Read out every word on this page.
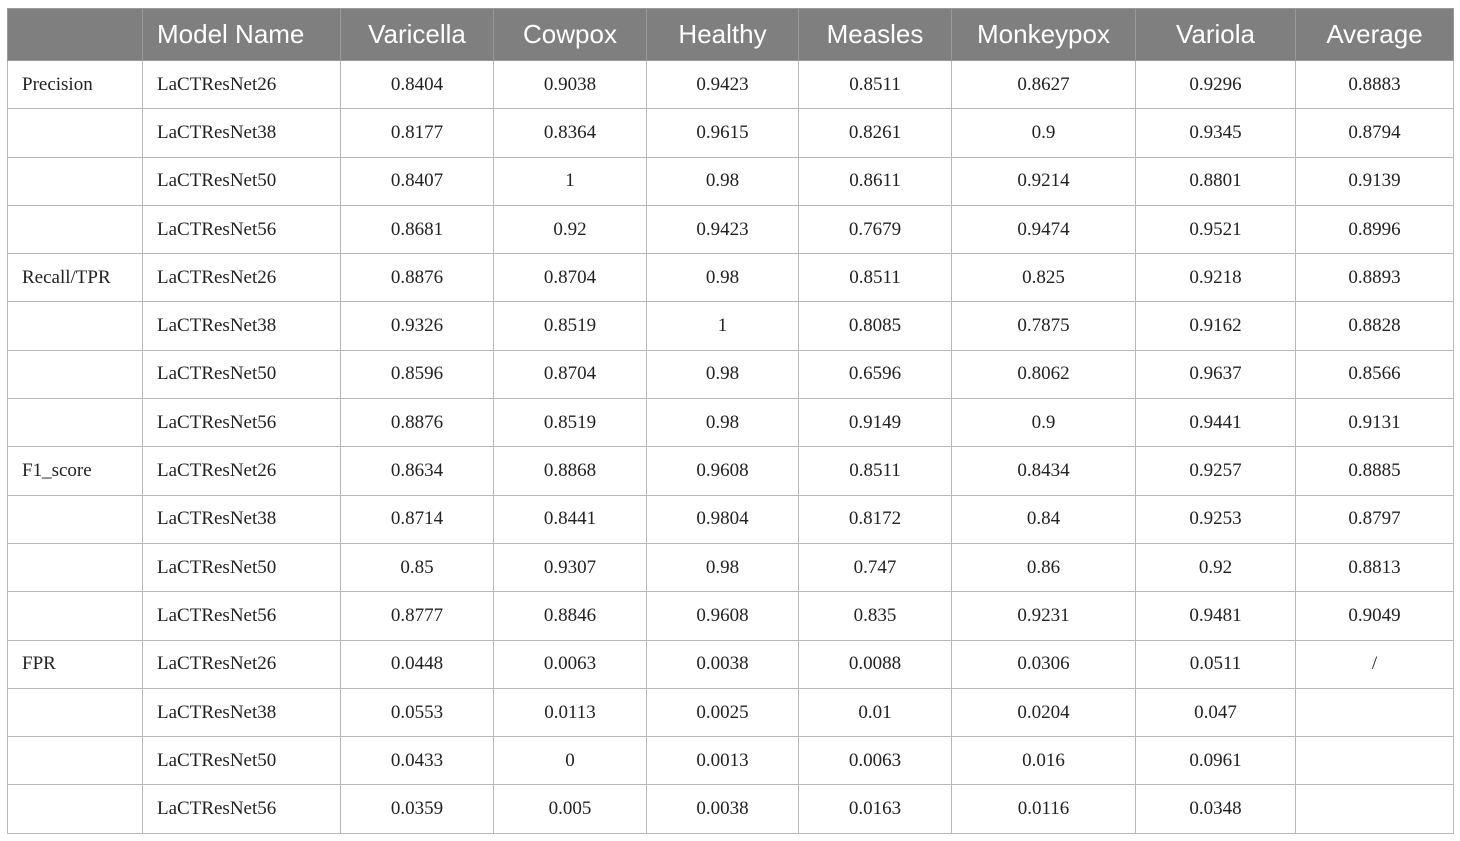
	Model Name	Varicella	Cowpox	Healthy	Measles	Monkeypox	Variola	Average
Precision	LaCTResNet26	0.8404	0.9038	0.9423	0.8511	0.8627	0.9296	0.8883
	LaCTResNet38	0.8177	0.8364	0.9615	0.8261	0.9	0.9345	0.8794
	LaCTResNet50	0.8407	1	0.98	0.8611	0.9214	0.8801	0.9139
	LaCTResNet56	0.8681	0.92	0.9423	0.7679	0.9474	0.9521	0.8996
Recall/TPR	LaCTResNet26	0.8876	0.8704	0.98	0.8511	0.825	0.9218	0.8893
	LaCTResNet38	0.9326	0.8519	1	0.8085	0.7875	0.9162	0.8828
	LaCTResNet50	0.8596	0.8704	0.98	0.6596	0.8062	0.9637	0.8566
	LaCTResNet56	0.8876	0.8519	0.98	0.9149	0.9	0.9441	0.9131
F1_score	LaCTResNet26	0.8634	0.8868	0.9608	0.8511	0.8434	0.9257	0.8885
	LaCTResNet38	0.8714	0.8441	0.9804	0.8172	0.84	0.9253	0.8797
	LaCTResNet50	0.85	0.9307	0.98	0.747	0.86	0.92	0.8813
	LaCTResNet56	0.8777	0.8846	0.9608	0.835	0.9231	0.9481	0.9049
FPR	LaCTResNet26	0.0448	0.0063	0.0038	0.0088	0.0306	0.0511	/
	LaCTResNet38	0.0553	0.0113	0.0025	0.01	0.0204	0.047	
	LaCTResNet50	0.0433	0	0.0013	0.0063	0.016	0.0961	
	LaCTResNet56	0.0359	0.005	0.0038	0.0163	0.0116	0.0348	
